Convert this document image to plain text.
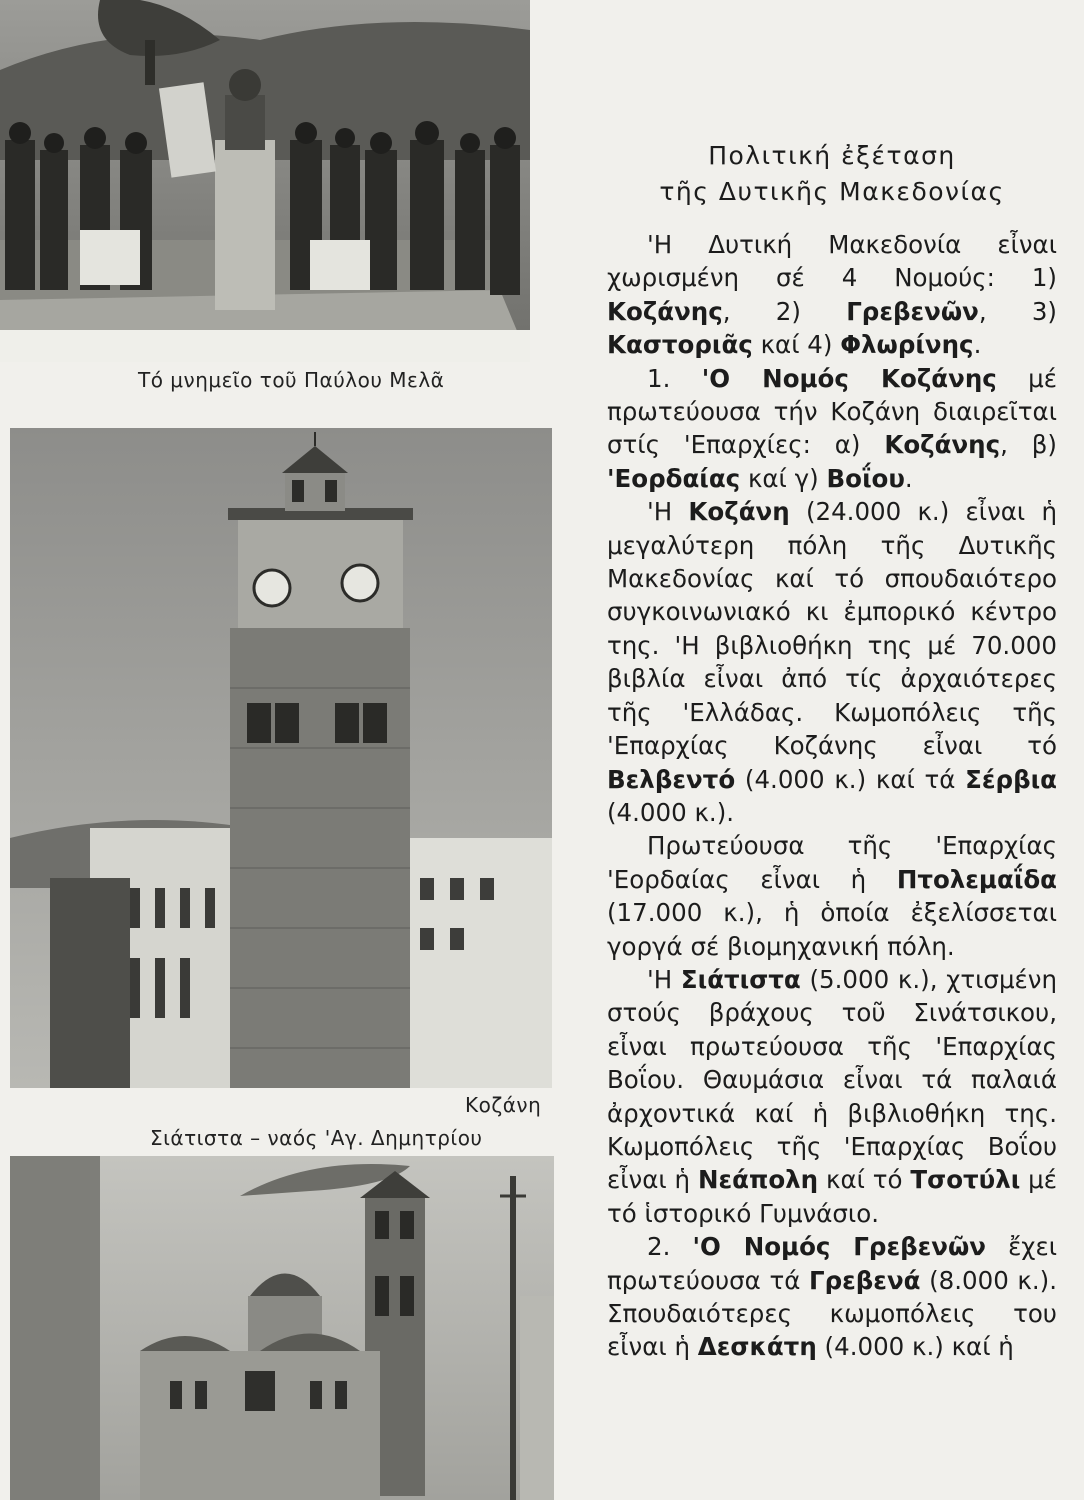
Τό μνημεῖο τοῦ Παύλου Μελᾶ
Κοζάνη
Σιάτιστα – ναός 'Αγ. Δημητρίου
Πολιτική ἐξέταση
τῆς Δυτικῆς Μακεδονίας

'Η Δυτική Μακεδονία εἶναι χωρισμένη σέ 4 Νομούς: 1) Κοζάνης, 2) Γρεβενῶν, 3) Καστοριᾶς καί 4) Φλωρίνης.

1. 'Ο Νομός Κοζάνης μέ πρωτεύουσα τήν Κοζάνη διαιρεῖται στίς 'Επαρχίες: α) Κοζάνης, β) 'Εορδαίας καί γ) Βοΐου.

'Η Κοζάνη (24.000 κ.) εἶναι ἡ μεγαλύτερη πόλη τῆς Δυτικῆς Μακεδονίας καί τό σπουδαιότερο συγκοινωνιακό κι ἐμπορικό κέντρο της. 'Η βιβλιοθήκη της μέ 70.000 βιβλία εἶναι ἀπό τίς ἀρχαιότερες τῆς 'Ελλάδας. Κωμοπόλεις τῆς 'Επαρχίας Κοζάνης εἶναι τό Βελβεντό (4.000 κ.) καί τά Σέρβια (4.000 κ.).

Πρωτεύουσα τῆς 'Επαρχίας 'Εορδαίας εἶναι ἡ Πτολεμαΐδα (17.000 κ.), ἡ ὁποία ἐξελίσσεται γοργά σέ βιομηχανική πόλη.

'Η Σιάτιστα (5.000 κ.), χτισμένη στούς βράχους τοῦ Σινάτσικου, εἶναι πρωτεύουσα τῆς 'Επαρχίας Βοΐου. Θαυμάσια εἶναι τά παλαιά ἀρχοντικά καί ἡ βιβλιοθήκη της. Κωμοπόλεις τῆς 'Επαρχίας Βοΐου εἶναι ἡ Νεάπολη καί τό Τσοτύλι μέ τό ἱστορικό Γυμνάσιο.

2. 'Ο Νομός Γρεβενῶν ἔχει πρωτεύουσα τά Γρεβενά (8.000 κ.). Σπουδαιότερες κωμοπόλεις του εἶναι ἡ Δεσκάτη (4.000 κ.) καί ἡ
